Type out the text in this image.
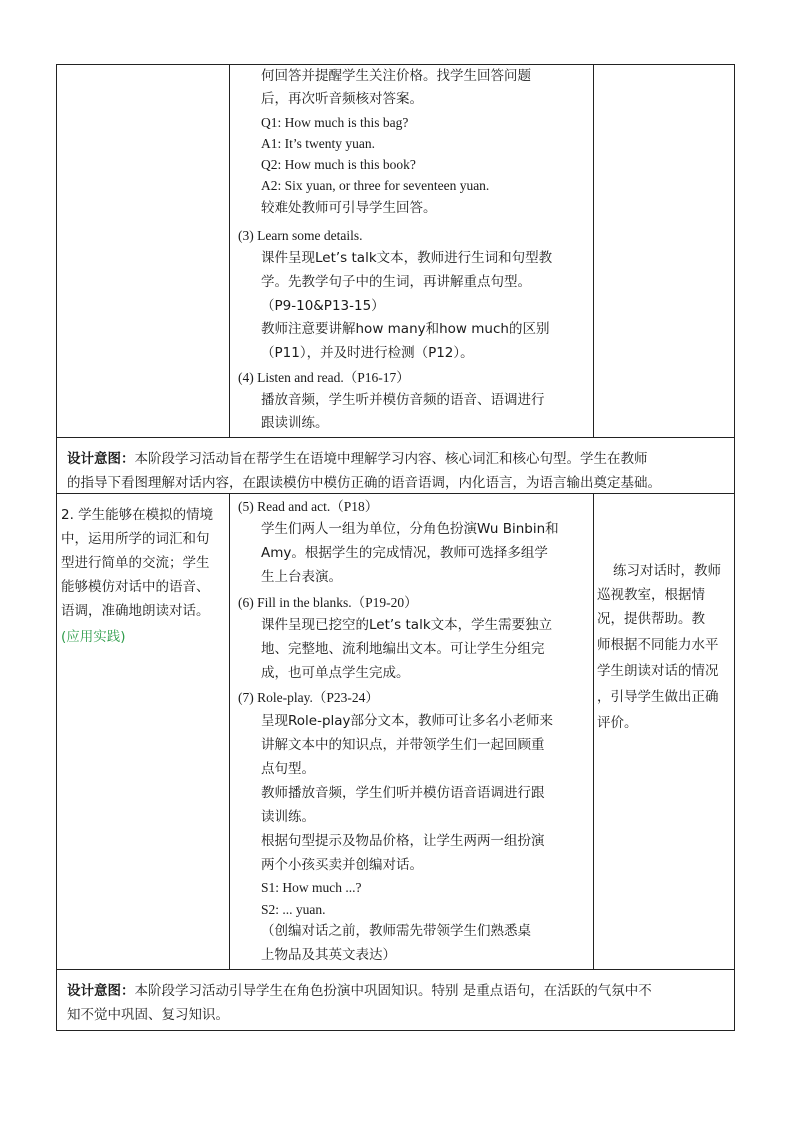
何回答并提醒学生关注价格。找学生回答问题
后，再次听音频核对答案。
Q1: How much is this bag?
A1: It’s twenty yuan.
Q2: How much is this book?
A2: Six yuan, or three for seventeen yuan.
较难处教师可引导学生回答。
(3) Learn some details.
课件呈现Let’s talk文本，教师进行生词和句型教
学。先教学句子中的生词，再讲解重点句型。
（P9-10&P13-15）
教师注意要讲解how many和how much的区别
（P11），并及时进行检测（P12）。
(4) Listen and read.（P16-17）
播放音频，学生听并模仿音频的语音、语调进行
跟读训练。
设计意图：本阶段学习活动旨在帮学生在语境中理解学习内容、核心词汇和核心句型。学生在教师
的指导下看图理解对话内容，在跟读模仿中模仿正确的语音语调，内化语言，为语言输出奠定基础。
2. 学生能够在模拟的情境
中，运用所学的词汇和句
型进行简单的交流；学生
能够模仿对话中的语音、
语调，准确地朗读对话。
(应用实践)
(5) Read and act.（P18）
学生们两人一组为单位，分角色扮演Wu Binbin和
Amy。根据学生的完成情况，教师可选择多组学
生上台表演。
(6) Fill in the blanks.（P19-20）
课件呈现已挖空的Let’s talk文本，学生需要独立
地、完整地、流利地编出文本。可让学生分组完
成，也可单点学生完成。
(7) Role-play.（P23-24）
呈现Role-play部分文本，教师可让多名小老师来
讲解文本中的知识点，并带领学生们一起回顾重
点句型。
教师播放音频，学生们听并模仿语音语调进行跟
读训练。
根据句型提示及物品价格，让学生两两一组扮演
两个小孩买卖并创编对话。
S1: How much ...?
S2: ... yuan.
（创编对话之前，教师需先带领学生们熟悉桌
上物品及其英文表达）
练习对话时，教师
巡视教室，根据情
况，提供帮助。教
师根据不同能力水平
学生朗读对话的情况
，引导学生做出正确
评价。
设计意图：本阶段学习活动引导学生在角色扮演中巩固知识。特别 是重点语句，在活跃的气氛中不
知不觉中巩固、复习知识。
